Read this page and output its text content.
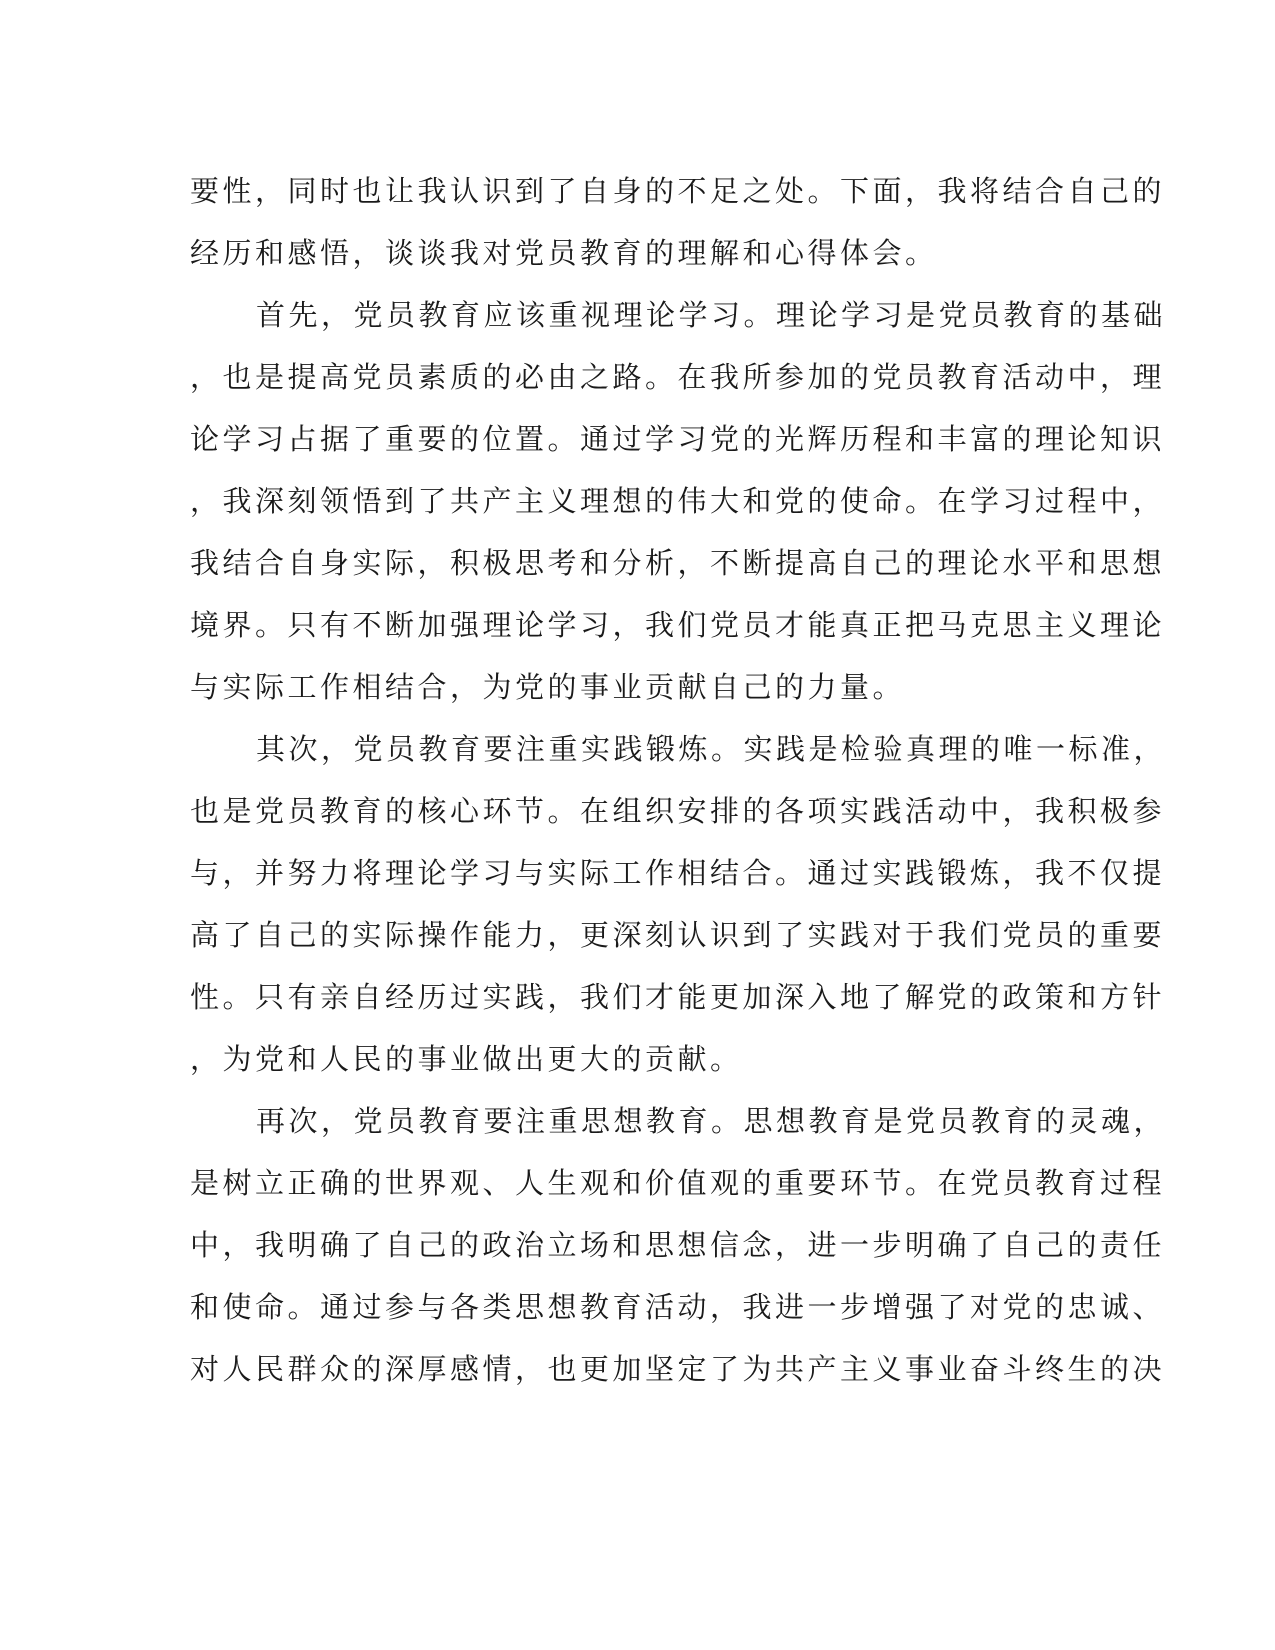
要性，同时也让我认识到了自身的不足之处。下面，我将结合自己的
经历和感悟，谈谈我对党员教育的理解和心得体会。
首先，党员教育应该重视理论学习。理论学习是党员教育的基础
，也是提高党员素质的必由之路。在我所参加的党员教育活动中，理
论学习占据了重要的位置。通过学习党的光辉历程和丰富的理论知识
，我深刻领悟到了共产主义理想的伟大和党的使命。在学习过程中，
我结合自身实际，积极思考和分析，不断提高自己的理论水平和思想
境界。只有不断加强理论学习，我们党员才能真正把马克思主义理论
与实际工作相结合，为党的事业贡献自己的力量。
其次，党员教育要注重实践锻炼。实践是检验真理的唯一标准，
也是党员教育的核心环节。在组织安排的各项实践活动中，我积极参
与，并努力将理论学习与实际工作相结合。通过实践锻炼，我不仅提
高了自己的实际操作能力，更深刻认识到了实践对于我们党员的重要
性。只有亲自经历过实践，我们才能更加深入地了解党的政策和方针
，为党和人民的事业做出更大的贡献。
再次，党员教育要注重思想教育。思想教育是党员教育的灵魂，
是树立正确的世界观、人生观和价值观的重要环节。在党员教育过程
中，我明确了自己的政治立场和思想信念，进一步明确了自己的责任
和使命。通过参与各类思想教育活动，我进一步增强了对党的忠诚、
对人民群众的深厚感情，也更加坚定了为共产主义事业奋斗终生的决
